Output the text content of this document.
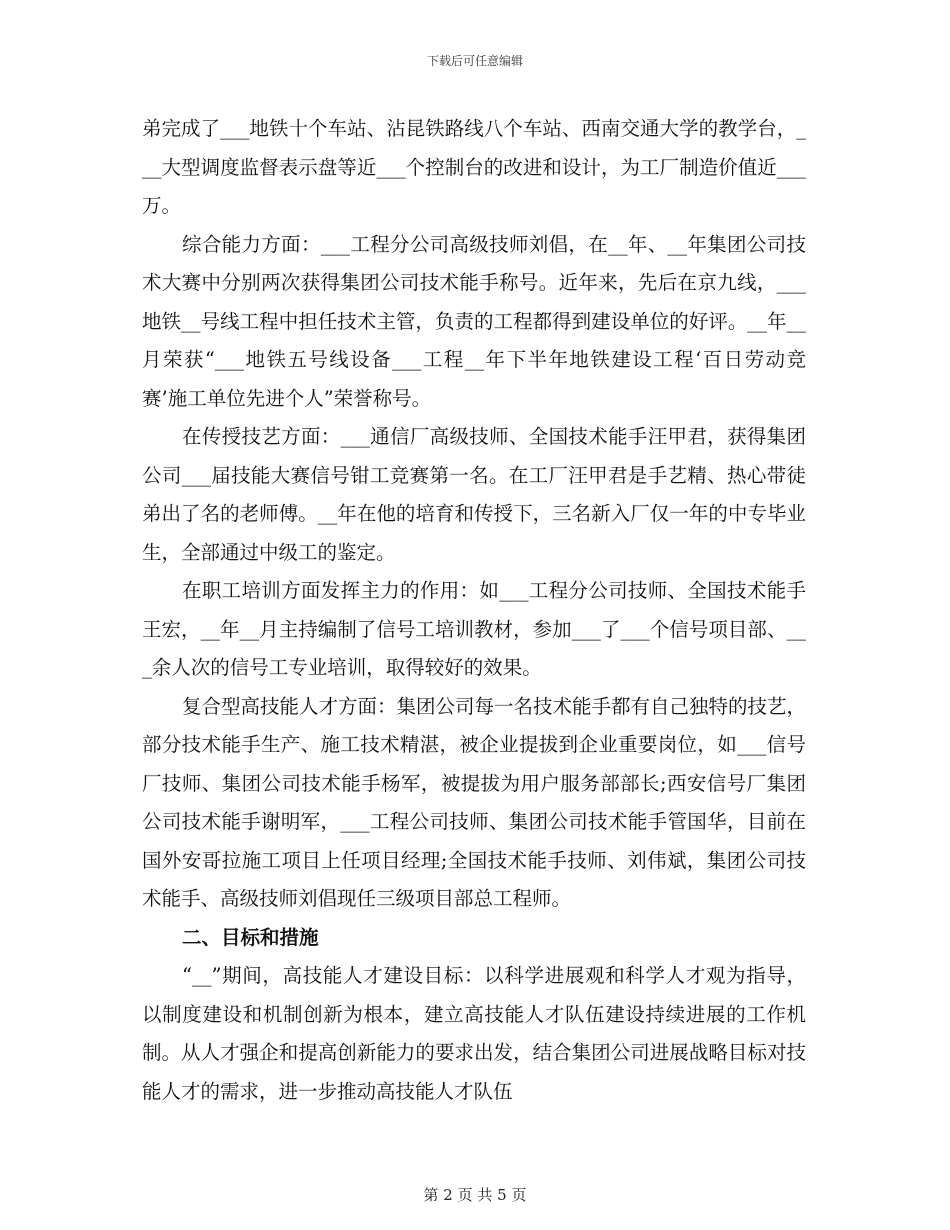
下载后可任意编辑

弟完成了___地铁十个车站、沾昆铁路线八个车站、西南交通大学的教学台，___大型调度监督表示盘等近___个控制台的改进和设计，为工厂制造价值近___万。

综合能力方面：___工程分公司高级技师刘倡，在__年、__年集团公司技术大赛中分别两次获得集团公司技术能手称号。近年来，先后在京九线，___地铁__号线工程中担任技术主管，负责的工程都得到建设单位的好评。__年__月荣获“___地铁五号线设备___工程__年下半年地铁建设工程‘百日劳动竞赛’施工单位先进个人”荣誉称号。

在传授技艺方面：___通信厂高级技师、全国技术能手汪甲君，获得集团公司___届技能大赛信号钳工竞赛第一名。在工厂汪甲君是手艺精、热心带徒弟出了名的老师傅。__年在他的培育和传授下，三名新入厂仅一年的中专毕业生，全部通过中级工的鉴定。

在职工培训方面发挥主力的作用：如___工程分公司技师、全国技术能手王宏，__年__月主持编制了信号工培训教材，参加___了___个信号项目部、___余人次的信号工专业培训，取得较好的效果。

复合型高技能人才方面：集团公司每一名技术能手都有自己独特的技艺，部分技术能手生产、施工技术精湛，被企业提拔到企业重要岗位，如___信号厂技师、集团公司技术能手杨军，被提拔为用户服务部部长;西安信号厂集团公司技术能手谢明军，___工程公司技师、集团公司技术能手管国华，目前在国外安哥拉施工项目上任项目经理;全国技术能手技师、刘伟斌，集团公司技术能手、高级技师刘倡现任三级项目部总工程师。

二、目标和措施

“__”期间，高技能人才建设目标：以科学进展观和科学人才观为指导，以制度建设和机制创新为根本，建立高技能人才队伍建设持续进展的工作机制。从人才强企和提高创新能力的要求出发，结合集团公司进展战略目标对技能人才的需求，进一步推动高技能人才队伍

第 2 页 共 5 页
